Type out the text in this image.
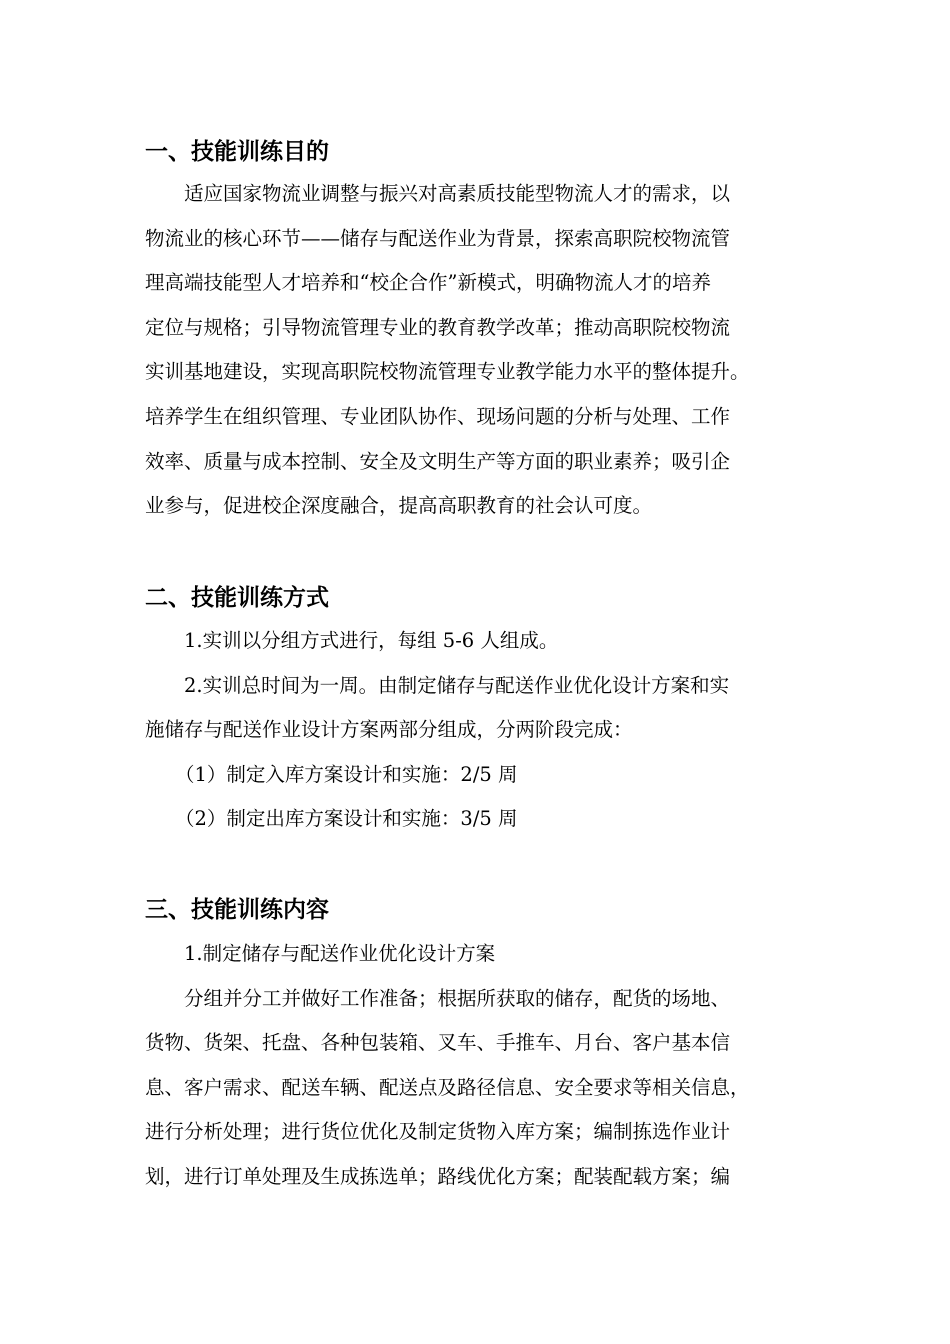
一、技能训练目的
适应国家物流业调整与振兴对高素质技能型物流人才的需求，以
物流业的核心环节——储存与配送作业为背景，探索高职院校物流管
理高端技能型人才培养和“校企合作”新模式，明确物流人才的培养
定位与规格；引导物流管理专业的教育教学改革；推动高职院校物流
实训基地建设，实现高职院校物流管理专业教学能力水平的整体提升。
培养学生在组织管理、专业团队协作、现场问题的分析与处理、工作
效率、质量与成本控制、安全及文明生产等方面的职业素养；吸引企
业参与，促进校企深度融合，提高高职教育的社会认可度。
二、技能训练方式
1.实训以分组方式进行，每组 5-6 人组成。
2.实训总时间为一周。由制定储存与配送作业优化设计方案和实
施储存与配送作业设计方案两部分组成，分两阶段完成：
（1）制定入库方案设计和实施：2/5 周
（2）制定出库方案设计和实施：3/5 周
三、技能训练内容
1.制定储存与配送作业优化设计方案
分组并分工并做好工作准备；根据所获取的储存，配货的场地、
货物、货架、托盘、各种包装箱、叉车、手推车、月台、客户基本信
息、客户需求、配送车辆、配送点及路径信息、安全要求等相关信息，
进行分析处理；进行货位优化及制定货物入库方案；编制拣选作业计
划，进行订单处理及生成拣选单；路线优化方案；配装配载方案；编
